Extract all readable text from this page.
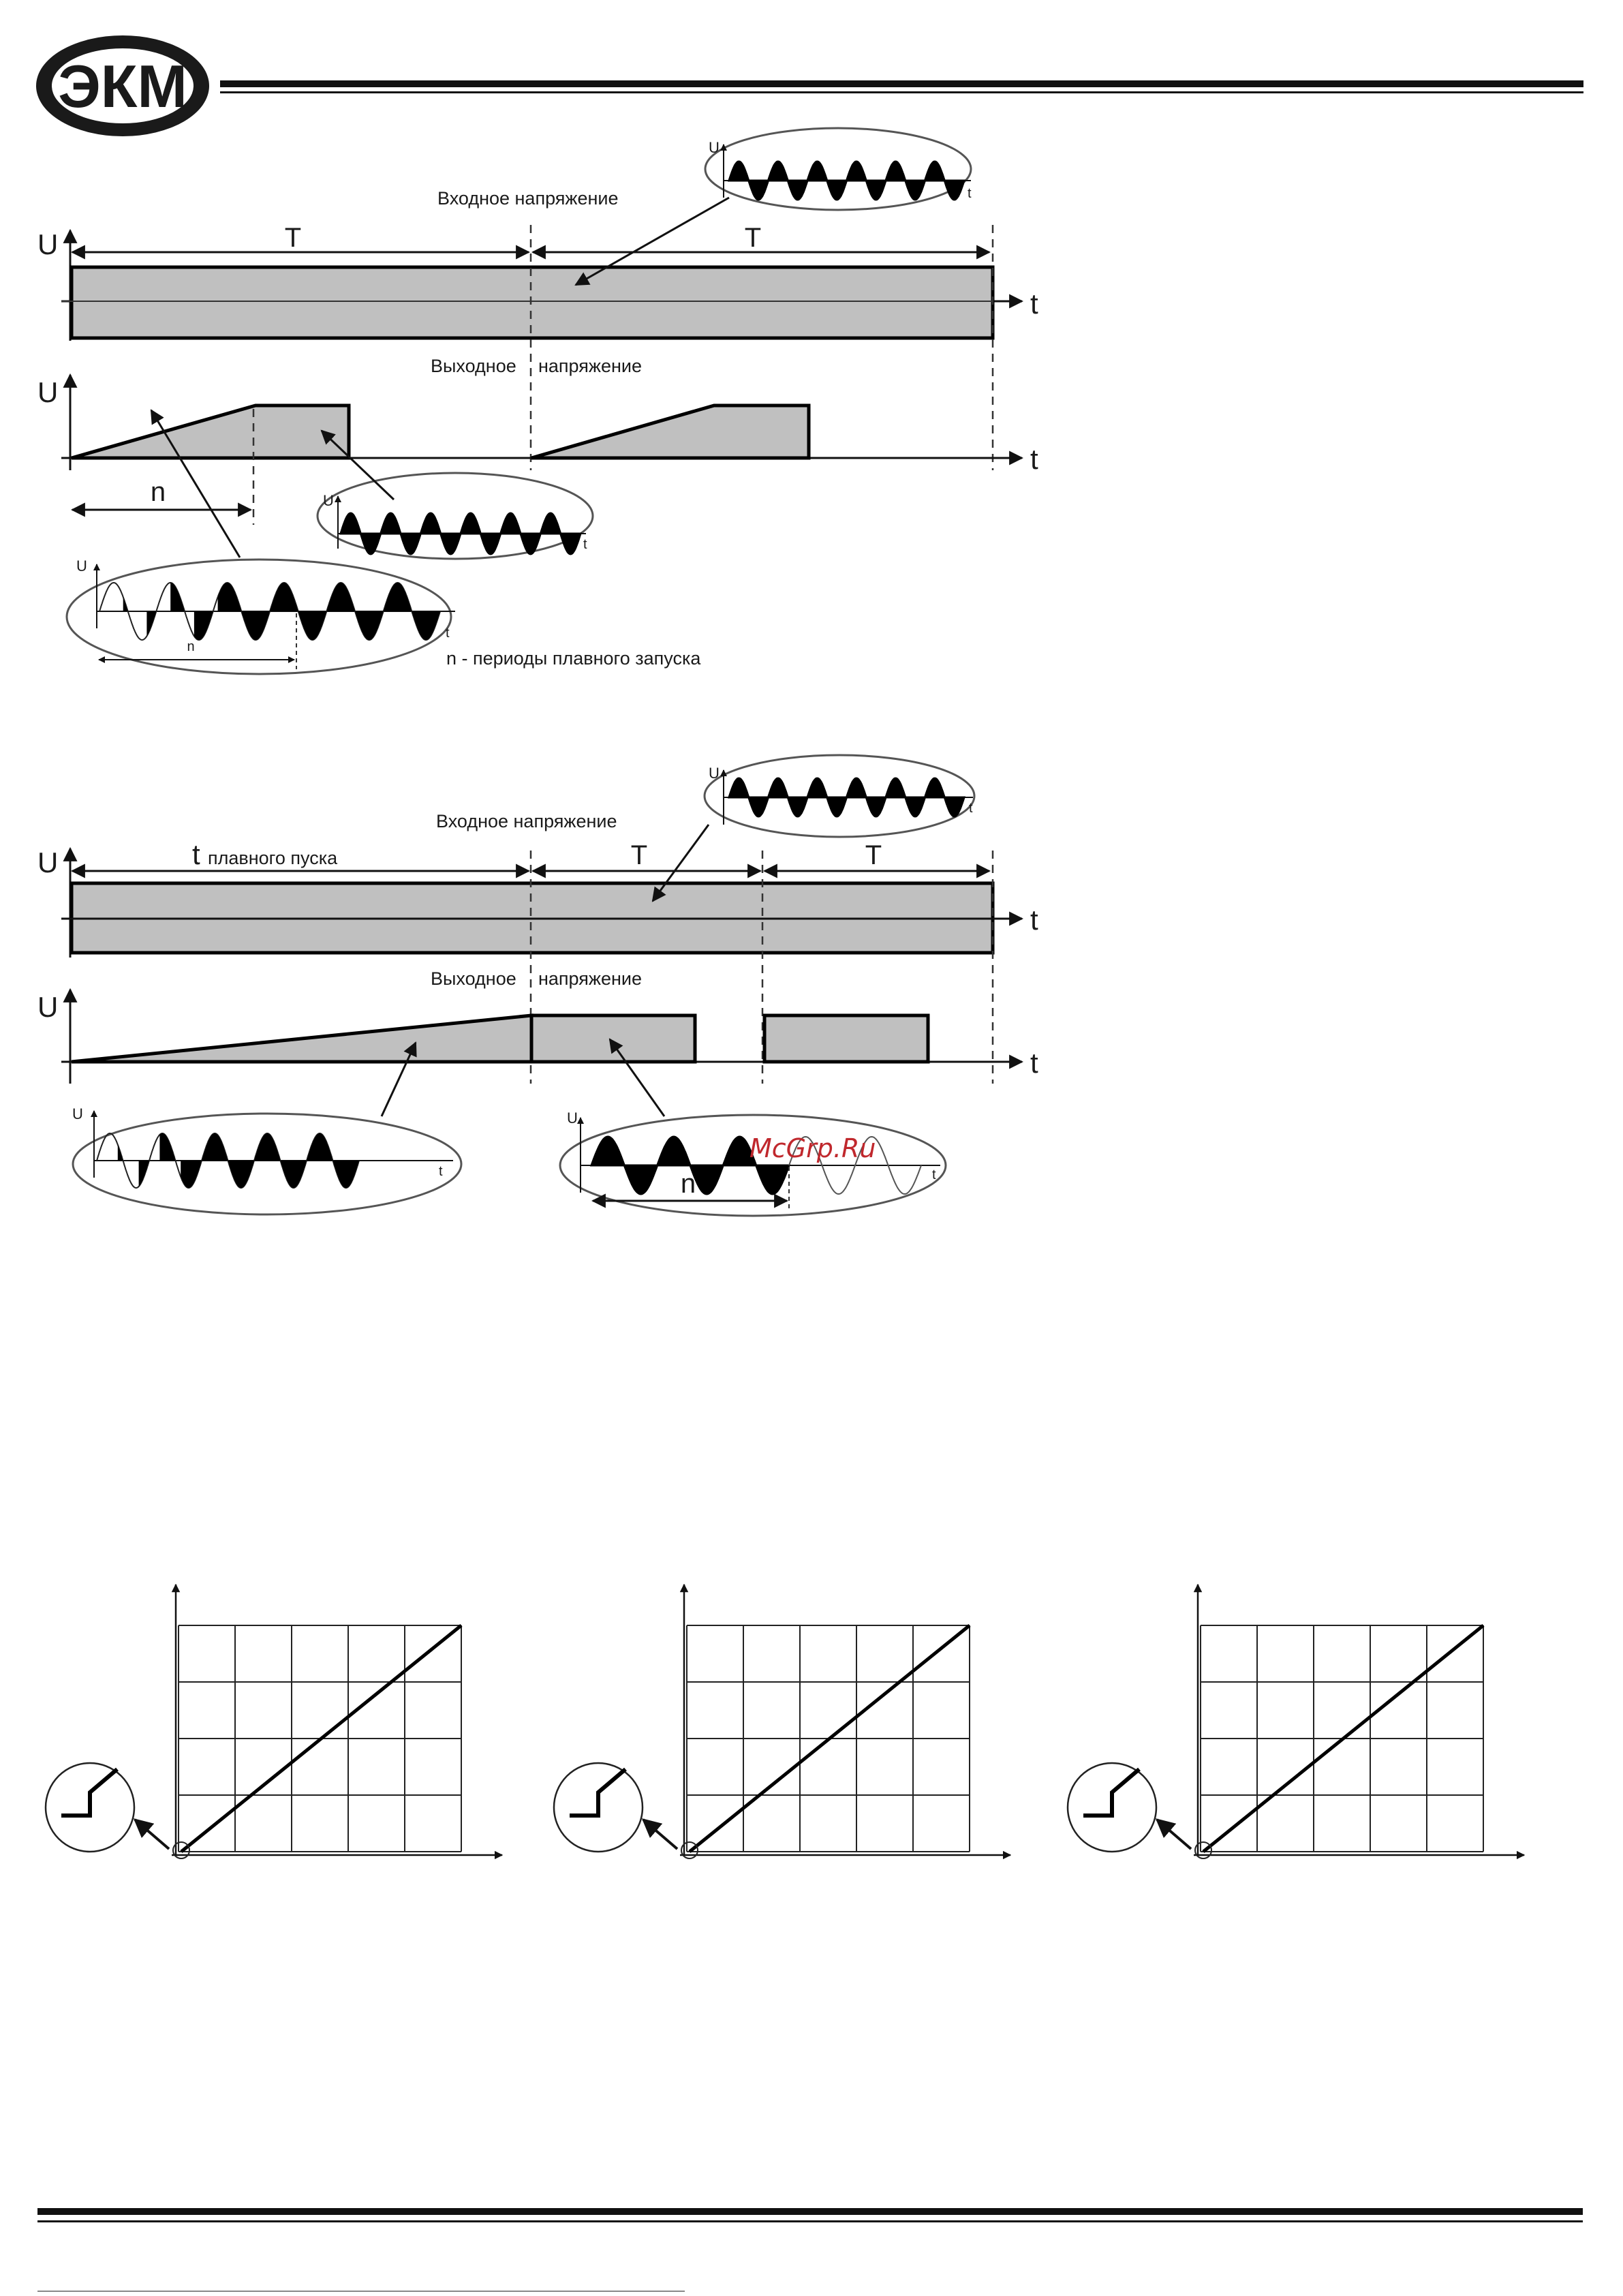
ЭКМ
Входное напряжение
U
t
T	T
U
t
Выходное напряжение
U
t
n	U
t
U
t
n
n - периоды плавного запуска
Входное напряжение
U
t
U	t плавного пуска	T	T
t
Выходное напряжение
U
t
U
t
U
t
n
McGrp.Ru
